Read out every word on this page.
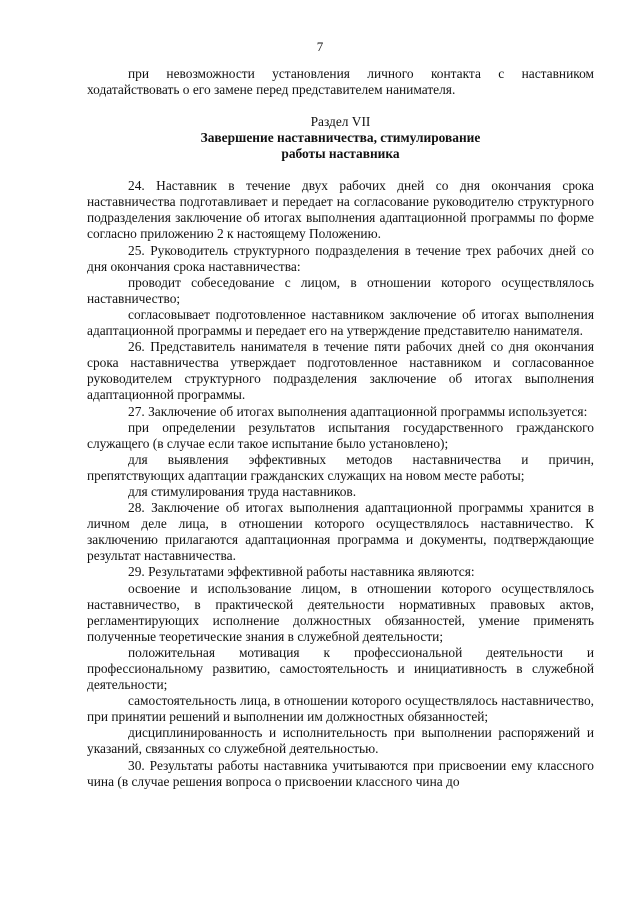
7

при невозможности установления личного контакта с наставником ходатайствовать о его замене перед представителем нанимателя.

Раздел VII
Завершение наставничества, стимулирование
работы наставника

24. Наставник в течение двух рабочих дней со дня окончания срока наставничества подготавливает и передает на согласование руководителю структурного подразделения заключение об итогах выполнения адаптационной программы по форме согласно приложению 2 к настоящему Положению.

25. Руководитель структурного подразделения в течение трех рабочих дней со дня окончания срока наставничества:

проводит собеседование с лицом, в отношении которого осуществлялось наставничество;

согласовывает подготовленное наставником заключение об итогах выполнения адаптационной программы и передает его на утверждение представителю нанимателя.

26. Представитель нанимателя в течение пяти рабочих дней со дня окончания срока наставничества утверждает подготовленное наставником и согласованное руководителем структурного подразделения заключение об итогах выполнения адаптационной программы.

27. Заключение об итогах выполнения адаптационной программы используется:

при определении результатов испытания государственного гражданского служащего (в случае если такое испытание было установлено);

для выявления эффективных методов наставничества и причин, препятствующих адаптации гражданских служащих на новом месте работы;

для стимулирования труда наставников.

28. Заключение об итогах выполнения адаптационной программы хранится в личном деле лица, в отношении которого осуществлялось наставничество. К заключению прилагаются адаптационная программа и документы, подтверждающие результат наставничества.

29. Результатами эффективной работы наставника являются:

освоение и использование лицом, в отношении которого осуществлялось наставничество, в практической деятельности нормативных правовых актов, регламентирующих исполнение должностных обязанностей, умение применять полученные теоретические знания в служебной деятельности;

положительная мотивация к профессиональной деятельности и профессиональному развитию, самостоятельность и инициативность в служебной деятельности;

самостоятельность лица, в отношении которого осуществлялось наставничество, при принятии решений и выполнении им должностных обязанностей;

дисциплинированность и исполнительность при выполнении распоряжений и указаний, связанных со служебной деятельностью.

30. Результаты работы наставника учитываются при присвоении ему классного чина (в случае решения вопроса о присвоении классного чина до
